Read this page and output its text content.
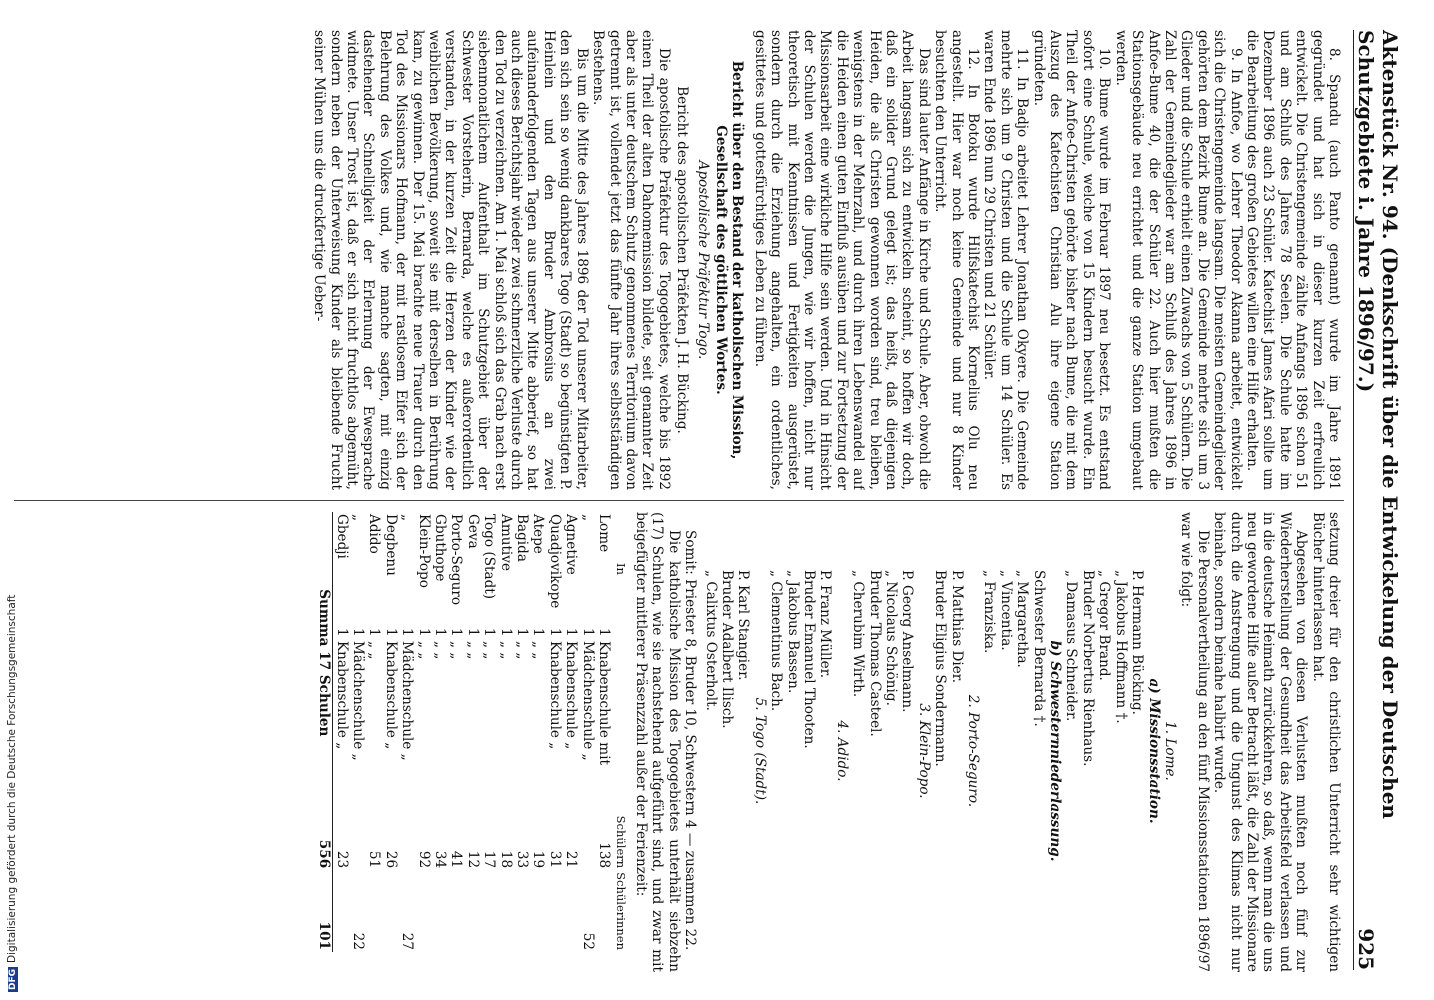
Aktenstück Nr. 94. (Denkschrift über die Entwickelung der Deutschen Schutzgebiete i. Jahre 1896/97.)
925

8. Spandu (auch Panto genannt) wurde im Jahre 1891 gegründet und hat sich in dieser kurzen Zeit erfreulich entwickelt. Die Christengemeinde zählte Anfangs 1896 schon 51 und am Schluß des Jahres 78 Seelen. Die Schule hatte im Dezember 1896 auch 23 Schüler. Katechist James Afari sollte um die Bearbeitung des großen Gebietes willen eine Hilfe erhalten.

9. In Anfoe, wo Lehrer Theodor Akanna arbeitet, entwickelt sich die Christengemeinde langsam. Die meisten Gemeindeglieder gehörten dem Bezirk Bume an. Die Gemeinde mehrte sich um 3 Glieder und die Schule erhielt einen Zuwachs von 5 Schülern. Die Zahl der Gemeindeglieder war am Schluß des Jahres 1896 in Anfoe-Bume 40, die der Schüler 22. Auch hier mußten die Stationsgebäude neu errichtet und die ganze Station umgebaut werden.

10. Bume wurde im Februar 1897 neu besetzt. Es entstand sofort eine Schule, welche von 15 Kindern besucht wurde. Ein Theil der Anfoe-Christen gehörte bisher nach Bume, die mit dem Auszug des Katechisten Christian Alu ihre eigene Station gründeten.

11. In Badjo arbeitet Lehrer Jonathan Okyere. Die Gemeinde mehrte sich um 9 Christen und die Schule um 14 Schüler. Es waren Ende 1896 nun 29 Christen und 21 Schüler.

12. In Botoku wurde Hilfskatechist Kornelius Olu neu angestellt. Hier war noch keine Gemeinde und nur 8 Kinder besuchten den Unterricht.

Das sind lauter Anfänge in Kirche und Schule. Aber, obwohl die Arbeit langsam sich zu entwickeln scheint, so hoffen wir doch, daß ein solider Grund gelegt ist; das heißt, daß diejenigen Heiden, die als Christen gewonnen worden sind, treu bleiben, wenigstens in der Mehrzahl, und durch ihren Lebenswandel auf die Heiden einen guten Einfluß ausüben und zur Fortsetzung der Missionsarbeit eine wirkliche Hilfe sein werden. Und in Hinsicht der Schulen werden die Jungen, wie wir hoffen, nicht nur theoretisch mit Kenntnissen und Fertigkeiten ausgerüstet, sondern durch die Erziehung angehalten, ein ordentliches, gesittetes und gottesfürchtiges Leben zu führen.

Bericht über den Bestand der katholischen Mission, Gesellschaft des göttlichen Wortes.

Apostolische Präfektur Togo.

Bericht des apostolischen Präfekten J. H. Bücking.

Die apostolische Präfektur des Togogebietes, welche bis 1892 einen Theil der alten Dahomemission bildete, seit genannter Zeit aber als unter deutschem Schutz genommenes Territorium davon getrennt ist, vollendet jetzt das fünfte Jahr ihres selbstständigen Bestehens.

Bis um die Mitte des Jahres 1896 der Tod unserer Mitarbeiter, den sich sein so wenig dankbares Togo (Stadt) so begünstigten P. Heinlein und den Bruder Ambrosius an zwei aufeinanderfolgenden Tagen aus unserer Mitte abberief, so hat auch dieses Berichtsjahr wieder zwei schmerzliche Verluste durch den Tod zu verzeichnen. Am 1. Mai schloß sich das Grab nach erst siebenmonatlichem Aufenthalt im Schutzgebiet über der Schwester Vorsteherin, Bernarda, welche es außerordentlich verstanden, in der kurzen Zeit die Herzen der Kinder wie der weiblichen Bevölkerung, soweit sie mit derselben in Berührung kam, zu gewinnen. Der 15. Mai brachte neue Trauer durch den Tod des Missionars Hofmann, der mit rastlosem Eifer sich der Belehrung des Volkes und, wie manche sagten, mit einzig dastehender Schnelligkeit der Erlernung der Ewesprache widmete. Unser Trost ist, daß er sich nicht fruchtlos abgemüht, sondern neben der Unterweisung Kinder als bleibende Frucht seiner Mühen uns die druckfertige Ueber-

setzung dreier für den christlichen Unterricht sehr wichtigen Bücher hinterlassen hat.

Abgesehen von diesen Verlusten mußten noch fünf zur Wiederherstellung der Gesundheit das Arbeitsfeld verlassen und in die deutsche Heimath zurückkehren, so daß, wenn man die uns neu gewordene Hilfe außer Betracht läßt, die Zahl der Missionare durch die Anstrengung und die Ungunst des Klimas nicht nur beinahe, sondern beinahe halbirt wurde.

Die Personalvertheilung an den fünf Missionsstationen 1896/97 war wie folgt:

1. Lome.

a) Missionsstation.

P. Hermann Bücking.

„ Jakobus Hoffmann †.

„ Gregor Brand.

Bruder Norbertus Rienhaus.

„ Damasus Schneider.

b) Schwesternniederlassung.

Schwester Bernarda †.

„ Margaretha.

„ Vincentia.

„ Franziska.

2. Porto-Seguro.

P. Matthias Dier.

Bruder Eligius Sondermann.

3. Klein-Popo.

P. Georg Anselmann.

„ Nicolaus Schönig.

Bruder Thomas Casteel.

„ Cherubim Wirth.

4. Adido.

P. Franz Müller.

Bruder Emanuel Thooten.

„ Jakobus Bassen.

„ Clementinus Bach.

5. Togo (Stadt).

P. Karl Stangier.

Bruder Adalbert Ilisch.

„ Calixtus Osterholt.

Somit: Priester 8, Bruder 10, Schwestern 4 — zusammen 22.

Die katholische Mission des Togogebietes unterhält siebzehn (17) Schulen, wie sie nachstehend aufgeführt sind, und zwar mit beigefügter mittlerer Präsenzzahl außer der Ferienzeit:

In		Schülern	Schülerinnen
Lome	1 Knabenschule mit	138	
„	1 Mädchenschule „		52
Agnetive	1 Knabenschule „	21	
Quadjovikope	1 Knabenschule „	31	
Atepe	1 „ „	19	
Bagida	1 „ „	33	
Amutive	1 „ „	18	
Togo (Stadt)	1 „ „	17	
Geva	1 „ „	12	
Porto-Seguro	1 „ „	41	
Gbuthope	1 „ „	34	
Klein-Popo	1 „ „	92	
„	1 Mädchenschule „		27
Degbenu	1 Knabenschule „	26	
Adido	1 „ „	51	
„	1 Mädchenschule „		22
Gbedji	1 Knabenschule „	23	
Summa 17 Schulen		556	101
DFGDigitalisierung gefördert durch die Deutsche Forschungsgemeinschaft
